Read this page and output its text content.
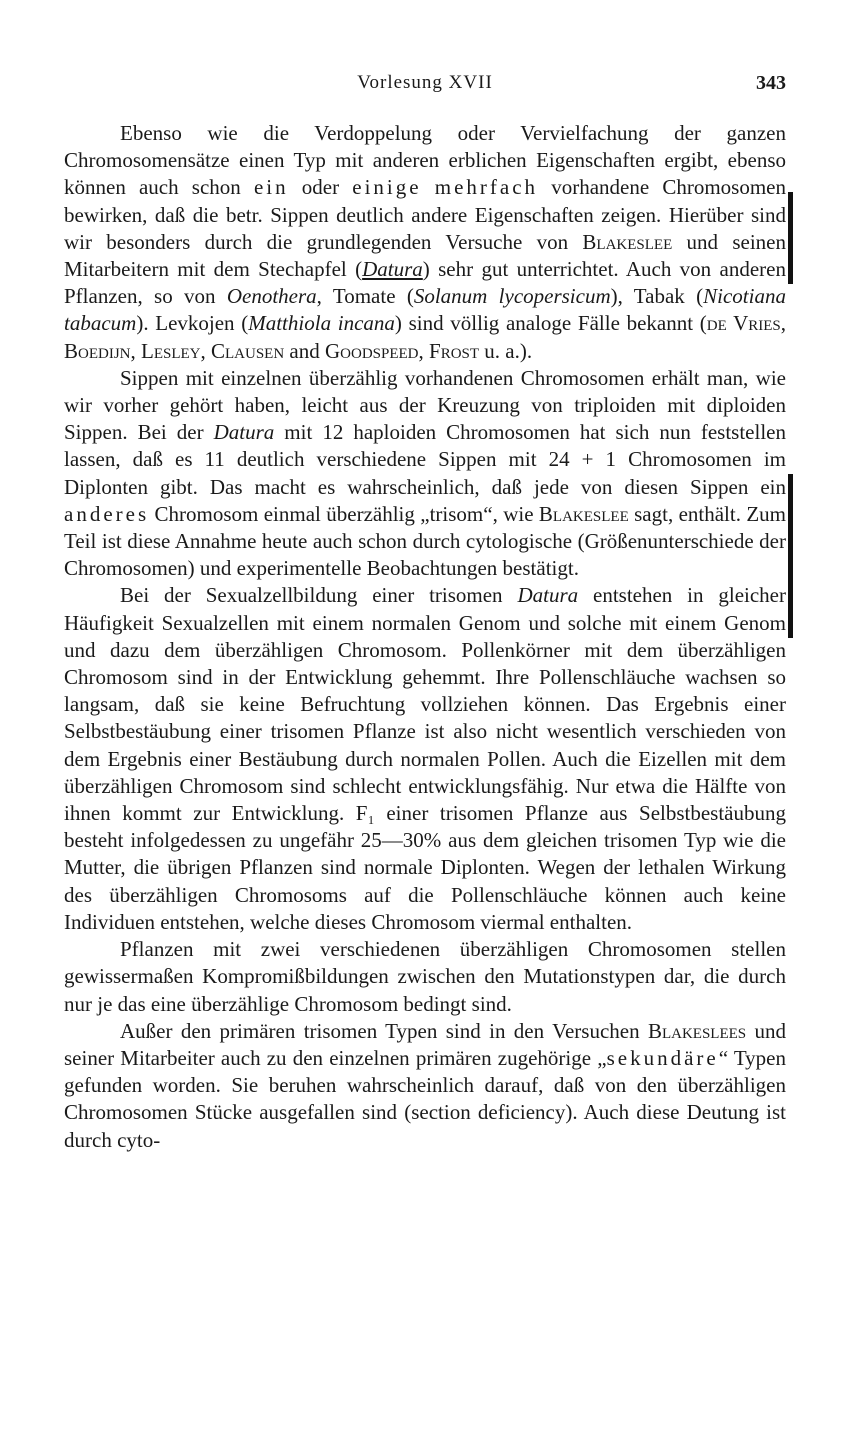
Vorlesung XVII	343

Ebenso wie die Verdoppelung oder Vervielfachung der ganzen Chromosomensätze einen Typ mit anderen erblichen Eigenschaften ergibt, ebenso können auch schon ein oder einige mehrfach vorhandene Chromosomen bewirken, daß die betr. Sippen deutlich andere Eigenschaften zeigen. Hierüber sind wir besonders durch die grundlegenden Versuche von Blakeslee und seinen Mitarbeitern mit dem Stechapfel (Datura) sehr gut unterrichtet. Auch von anderen Pflanzen, so von Oenothera, Tomate (Solanum lycopersicum), Tabak (Nicotiana tabacum). Levkojen (Matthiola incana) sind völlig analoge Fälle bekannt (de Vries, Boedijn, Lesley, Clausen and Goodspeed, Frost u. a.).

Sippen mit einzelnen überzählig vorhandenen Chromosomen erhält man, wie wir vorher gehört haben, leicht aus der Kreuzung von triploiden mit diploiden Sippen. Bei der Datura mit 12 haploiden Chromosomen hat sich nun feststellen lassen, daß es 11 deutlich verschiedene Sippen mit 24 + 1 Chromosomen im Diplonten gibt. Das macht es wahrscheinlich, daß jede von diesen Sippen ein anderes Chromosom einmal überzählig „trisom“, wie Blakeslee sagt, enthält. Zum Teil ist diese Annahme heute auch schon durch cytologische (Größenunterschiede der Chromosomen) und experimentelle Beobachtungen bestätigt.

Bei der Sexualzellbildung einer trisomen Datura entstehen in gleicher Häufigkeit Sexualzellen mit einem normalen Genom und solche mit einem Genom und dazu dem überzähligen Chromosom. Pollenkörner mit dem überzähligen Chromosom sind in der Entwicklung gehemmt. Ihre Pollenschläuche wachsen so langsam, daß sie keine Befruchtung vollziehen können. Das Ergebnis einer Selbstbestäubung einer trisomen Pflanze ist also nicht wesentlich verschieden von dem Ergebnis einer Bestäubung durch normalen Pollen. Auch die Eizellen mit dem überzähligen Chromosom sind schlecht entwicklungsfähig. Nur etwa die Hälfte von ihnen kommt zur Entwicklung. F₁ einer trisomen Pflanze aus Selbstbestäubung besteht infolgedessen zu ungefähr 25—30% aus dem gleichen trisomen Typ wie die Mutter, die übrigen Pflanzen sind normale Diplonten. Wegen der lethalen Wirkung des überzähligen Chromosoms auf die Pollenschläuche können auch keine Individuen entstehen, welche dieses Chromosom viermal enthalten.

Pflanzen mit zwei verschiedenen überzähligen Chromosomen stellen gewissermaßen Kompromißbildungen zwischen den Mutationstypen dar, die durch nur je das eine überzählige Chromosom bedingt sind.

Außer den primären trisomen Typen sind in den Versuchen Blakeslees und seiner Mitarbeiter auch zu den einzelnen primären zugehörige „sekundäre“ Typen gefunden worden. Sie beruhen wahrscheinlich darauf, daß von den überzähligen Chromosomen Stücke ausgefallen sind (section deficiency). Auch diese Deutung ist durch cyto-
